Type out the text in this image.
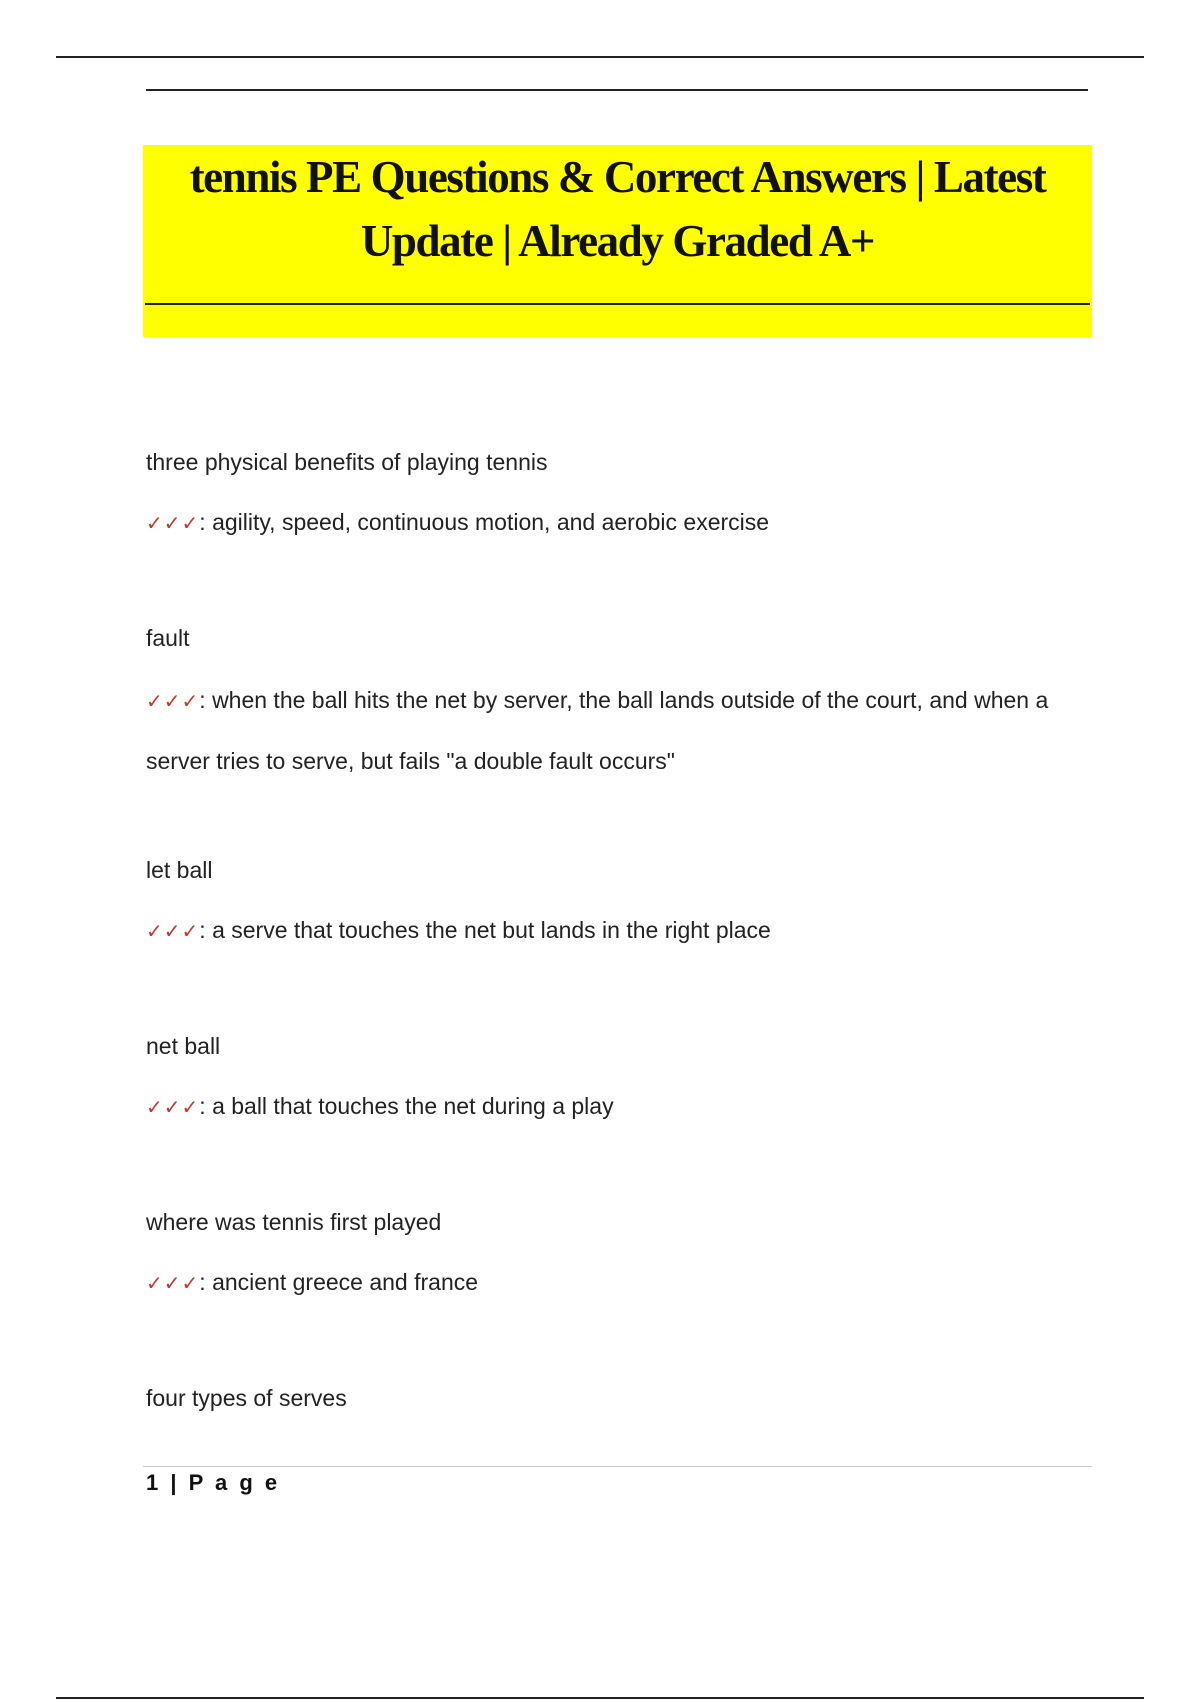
tennis PE Questions & Correct Answers | Latest Update | Already Graded A+

three physical benefits of playing tennis

✓✓✓: agility, speed, continuous motion, and aerobic exercise

fault

✓✓✓: when the ball hits the net by server, the ball lands outside of the court, and when a server tries to serve, but fails "a double fault occurs"

let ball

✓✓✓: a serve that touches the net but lands in the right place

net ball

✓✓✓: a ball that touches the net during a play

where was tennis first played

✓✓✓: ancient greece and france

four types of serves

1 | P a g e
